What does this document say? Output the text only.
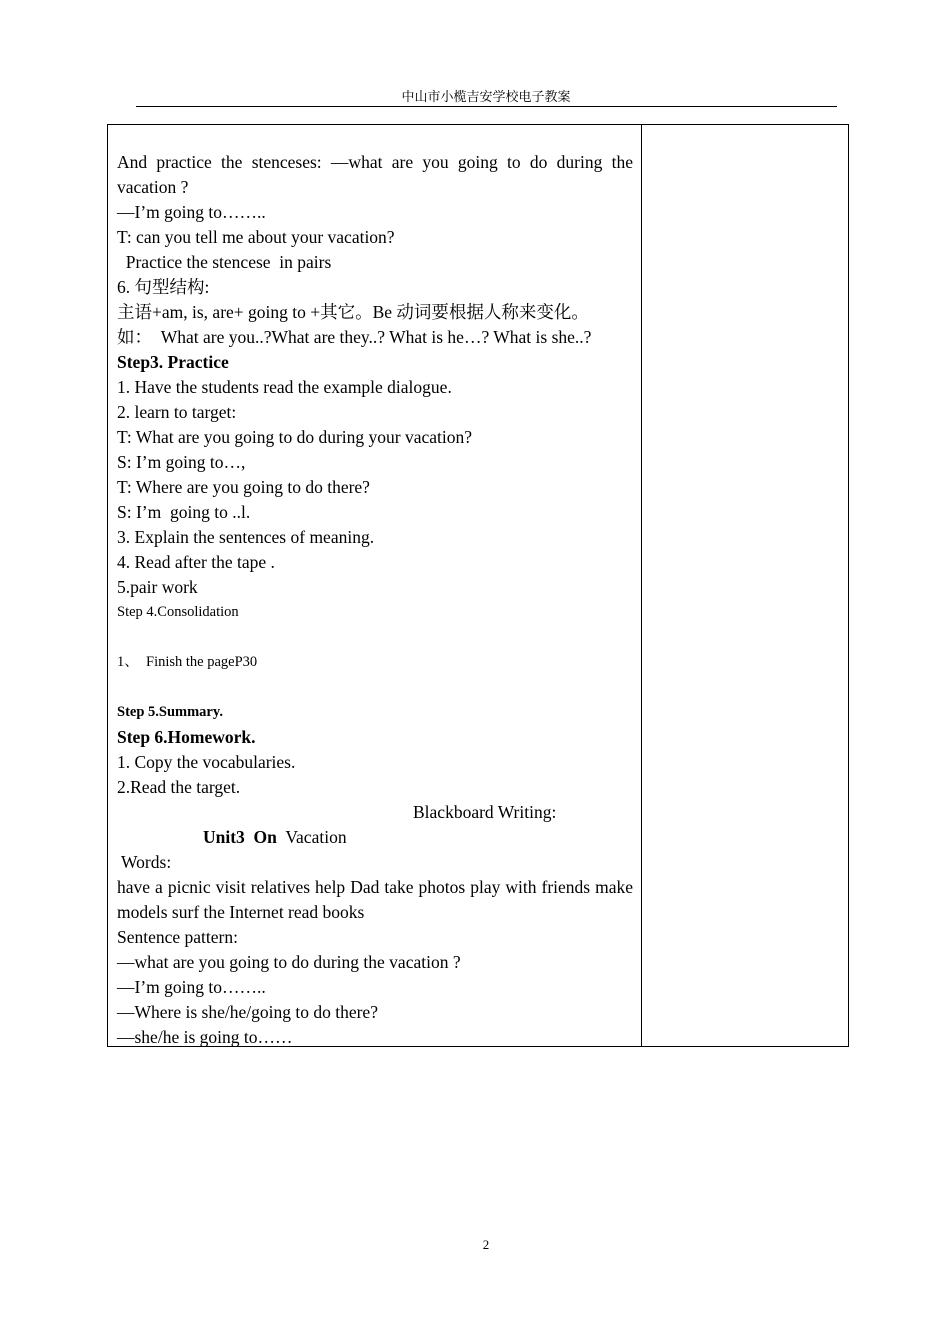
中山市小榄吉安学校电子教案
And practice the stenceses: —what are you going to do during the vacation ?
—I’m going to……..
T: can you tell me about your vacation?
Practice the stencese  in pairs
6. 句型结构:
主语+am, is, are+ going to +其它。Be 动词要根据人称来变化。
如：  What are you..?What are they..? What is he…? What is she..?
Step3. Practice
1. Have the students read the example dialogue.
2. learn to target:
T: What are you going to do during your vacation?
S: I’m going to…,
T: Where are you going to do there?
S: I’m  going to ..l.
3. Explain the sentences of meaning.
4. Read after the tape .
5.pair work
Step 4.Consolidation
1、  Finish the pageP30
Step 5.Summary.
Step 6.Homework.
1. Copy the vocabularies.
2.Read the target.
Blackboard Writing:
Unit3  On Vacation
Words:
have a picnic visit relatives help Dad take photos play with friends make models surf the Internet read books
Sentence pattern:
—what are you going to do during the vacation ?
—I’m going to……..
—Where is she/he/going to do there?
—she/he is going to……
2
